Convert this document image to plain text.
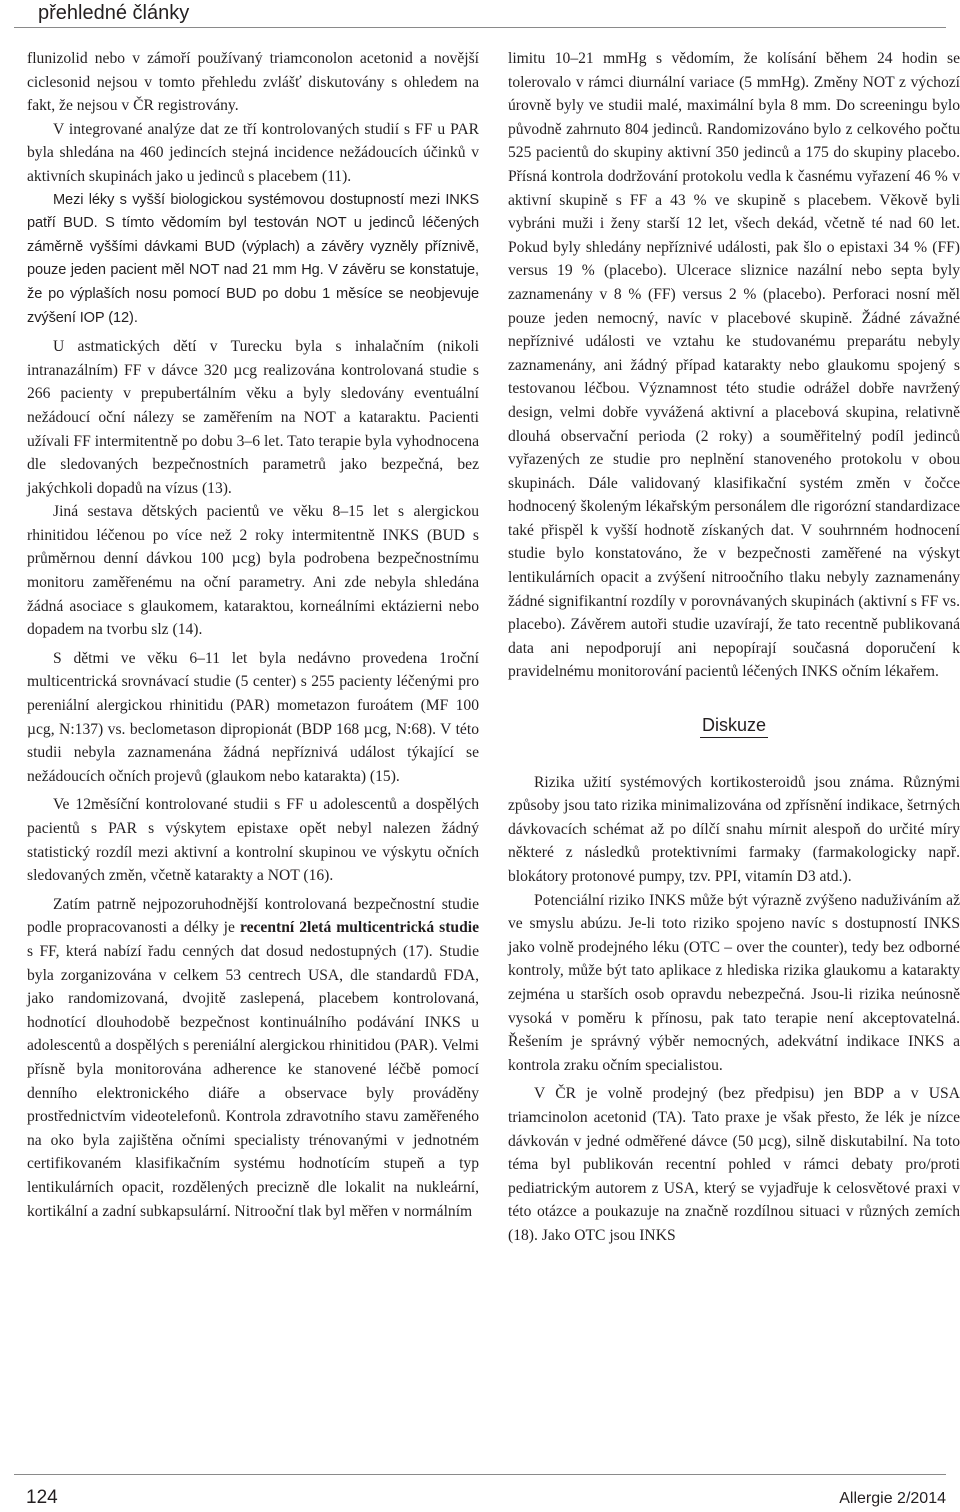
přehledné články

flunizolid nebo v zámoří používaný triamconolon acetonid a novější ciclesonid nejsou v tomto přehledu zvlášť diskutovány s ohledem na fakt, že nejsou v ČR registrovány.

V integrované analýze dat ze tří kontrolovaných studií s FF u PAR byla shledána na 460 jedincích stejná incidence nežádoucích účinků v aktivních skupinách jako u jedinců s placebem (11).

Mezi léky s vyšší biologickou systémovou dostupností mezi INKS patří BUD. S tímto vědomím byl testován NOT u jedinců léčených záměrně vyššími dávkami BUD (výplach) a závěry vyzněly příznivě, pouze jeden pacient měl NOT nad 21 mm Hg. V závěru se konstatuje, že po výplaších nosu pomocí BUD po dobu 1 měsíce se neobjevuje zvýšení IOP (12).

U astmatických dětí v Turecku byla s inhalačním (nikoli intranazálním) FF v dávce 320 µcg realizována kontrolovaná studie s 266 pacienty v prepubertálním věku a byly sledovány eventuální nežádoucí oční nálezy se zaměřením na NOT a kataraktu. Pacienti užívali FF intermitentně po dobu 3–6 let. Tato terapie byla vyhodnocena dle sledovaných bezpečnostních parametrů jako bezpečná, bez jakýchkoli dopadů na vízus (13).

Jiná sestava dětských pacientů ve věku 8–15 let s alergickou rhinitidou léčenou po více než 2 roky intermitentně INKS (BUD s průměrnou denní dávkou 100 µcg) byla podrobena bezpečnostnímu monitoru zaměřenému na oční parametry. Ani zde nebyla shledána žádná asociace s glaukomem, kataraktou, korneálními ektázierni nebo dopadem na tvorbu slz (14).

S dětmi ve věku 6–11 let byla nedávno provedena 1roční multicentrická srovnávací studie (5 center) s 255 pacienty léčenými pro pereniální alergickou rhinitidu (PAR) mometazon furoátem (MF 100 µcg, N:137) vs. beclometason dipropionát (BDP 168 µcg, N:68). V této studii nebyla zaznamenána žádná nepříznivá událost týkající se nežádoucích očních projevů (glaukom nebo katarakta) (15).

Ve 12měsíční kontrolované studii s FF u adolescentů a dospělých pacientů s PAR s výskytem epistaxe opět nebyl nalezen žádný statistický rozdíl mezi aktivní a kontrolní skupinou ve výskytu očních sledovaných změn, včetně katarakty a NOT (16).

Zatím patrně nejpozoruhodnější kontrolovaná bezpečnostní studie podle propracovanosti a délky je recentní 2letá multicentrická studie s FF, která nabízí řadu cenných dat dosud nedostupných (17). Studie byla zorganizována v celkem 53 centrech USA, dle standardů FDA, jako randomizovaná, dvojitě zaslepená, placebem kontrolovaná, hodnotící dlouhodobě bezpečnost kontinuálního podávání INKS u adolescentů a dospělých s pereniální alergickou rhinitidou (PAR). Velmi přísně byla monitorována adherence ke stanovené léčbě pomocí denního elektronického diáře a observace byly prováděny prostřednictvím videotelefonů. Kontrola zdravotního stavu zaměřeného na oko byla zajištěna očními specialisty trénovanými v jednotném certifikovaném klasifikačním systému hodnotícím stupeň a typ lentikulárních opacit, rozdělených precizně dle lokalit na nukleární, kortikální a zadní subkapsulární. Nitrooční tlak byl měřen v normálním

limitu 10–21 mmHg s vědomím, že kolísání během 24 hodin se tolerovalo v rámci diurnální variace (5 mmHg). Změny NOT z výchozí úrovně byly ve studii malé, maximální byla 8 mm. Do screeningu bylo původně zahrnuto 804 jedinců. Randomizováno bylo z celkového počtu 525 pacientů do skupiny aktivní 350 jedinců a 175 do skupiny placebo. Přísná kontrola dodržování protokolu vedla k časnému vyřazení 46 % v aktivní skupině s FF a 43 % ve skupině s placebem. Věkově byli vybráni muži i ženy starší 12 let, všech dekád, včetně té nad 60 let. Pokud byly shledány nepříznivé události, pak šlo o epistaxi 34 % (FF) versus 19 % (placebo). Ulcerace sliznice nazální nebo septa byly zaznamenány v 8 % (FF) versus 2 % (placebo). Perforaci nosní měl pouze jeden nemocný, navíc v placebové skupině. Žádné závažné nepříznivé události ve vztahu ke studovanému preparátu nebyly zaznamenány, ani žádný případ katarakty nebo glaukomu spojený s testovanou léčbou. Významnost této studie odrážel dobře navržený design, velmi dobře vyvážená aktivní a placebová skupina, relativně dlouhá observační perioda (2 roky) a souměřitelný podíl jedinců vyřazených ze studie pro neplnění stanoveného protokolu v obou skupinách. Dále validovaný klasifikační systém změn v čočce hodnocený školeným lékařským personálem dle rigorózní standardizace také přispěl k vyšší hodnotě získaných dat. V souhrnném hodnocení studie bylo konstatováno, že v bezpečnosti zaměřené na výskyt lentikulárních opacit a zvýšení nitroočního tlaku nebyly zaznamenány žádné signifikantní rozdíly v porovnávaných skupinách (aktivní s FF vs. placebo). Závěrem autoři studie uzavírají, že tato recentně publikovaná data ani nepodporují ani nepopírají současná doporučení k pravidelnému monitorování pacientů léčených INKS očním lékařem.

Diskuze

Rizika užití systémových kortikosteroidů jsou známa. Různými způsoby jsou tato rizika minimalizována od zpřísnění indikace, šetrných dávkovacích schémat až po dílčí snahu mírnit alespoň do určité míry některé z následků protektivními farmaky (farmakologicky např. blokátory protonové pumpy, tzv. PPI, vitamín D3 atd.).

Potenciální riziko INKS může být výrazně zvýšeno naduživáním až ve smyslu abúzu. Je-li toto riziko spojeno navíc s dostupností INKS jako volně prodejného léku (OTC – over the counter), tedy bez odborné kontroly, může být tato aplikace z hlediska rizika glaukomu a katarakty zejména u starších osob opravdu nebezpečná. Jsou-li rizika neúnosně vysoká v poměru k přínosu, pak tato terapie není akceptovatelná. Řešením je správný výběr nemocných, adekvátní indikace INKS a kontrola zraku očním specialistou.

V ČR je volně prodejný (bez předpisu) jen BDP a v USA triamcinolon acetonid (TA). Tato praxe je však přesto, že lék je nízce dávkován v jedné odměřené dávce (50 µcg), silně diskutabilní. Na toto téma byl publikován recentní pohled v rámci debaty pro/proti pediatrickým autorem z USA, který se vyjadřuje k celosvětové praxi v této otázce a poukazuje na značně rozdílnou situaci v různých zemích (18). Jako OTC jsou INKS

124	Allergie 2/2014
